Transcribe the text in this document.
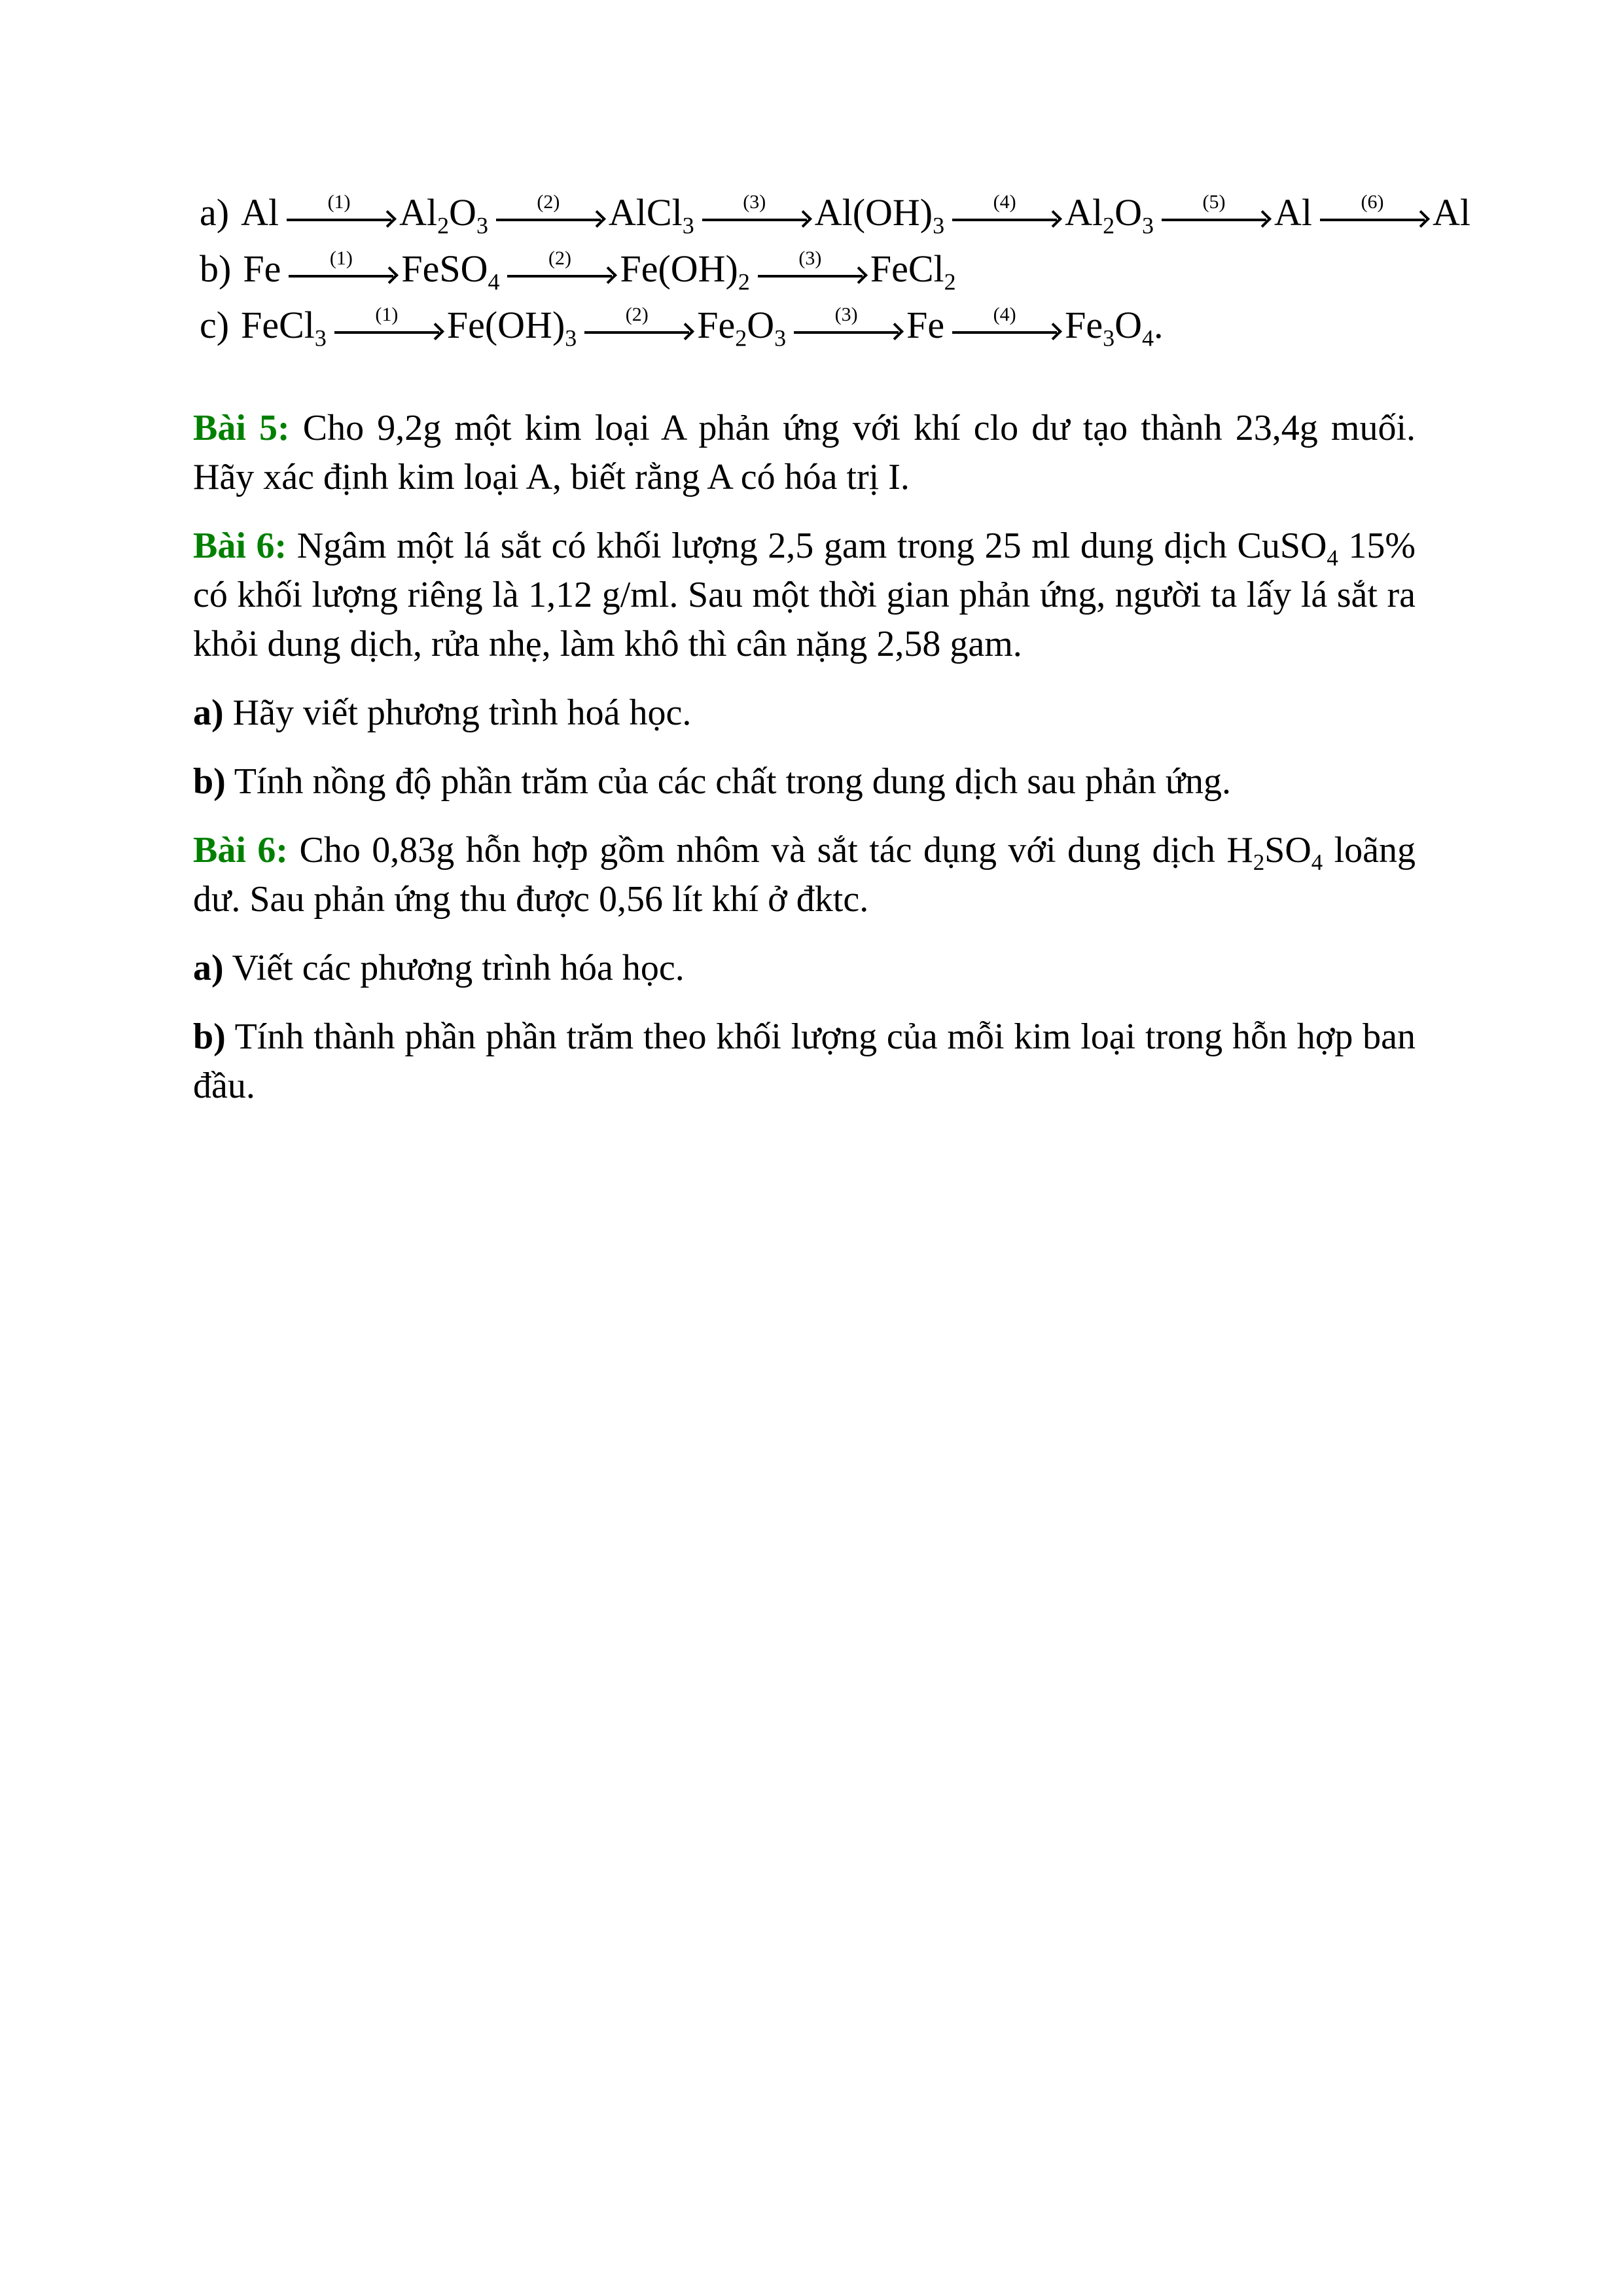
a) Al (1) $Al_2O_3$
(2) AlCl$_3$
(3) $Al(OH)_3$
(4) $Al_2O_3$
(5) Al (6) Al
b) Fe (1) FeSO$_4$
(2) $Fe(OH)_2$
(3) FeCl$_2$
c) FeCl$_3$
(1) $Fe(OH)_3$
(2) $Fe_2O_3$
(3) Fe (4) $Fe_3O_4$.

Bài 5: Cho 9,2g một kim loại A phản ứng với khí clo dư tạo thành 23,4g muối. Hãy xác định kim loại A, biết rằng A có hóa trị I.

Bài 6: Ngâm một lá sắt có khối lượng 2,5 gam trong 25 ml dung dịch CuSO$_4$ 15% có khối lượng riêng là 1,12 g/ml. Sau một thời gian phản ứng, người ta lấy lá sắt ra khỏi dung dịch, rửa nhẹ, làm khô thì cân nặng 2,58 gam.

a) Hãy viết phương trình hoá học.

b) Tính nồng độ phần trăm của các chất trong dung dịch sau phản ứng.

Bài 6: Cho 0,83g hỗn hợp gồm nhôm và sắt tác dụng với dung dịch $H_2SO_4$ loãng dư. Sau phản ứng thu được 0,56 lít khí ở đktc.

a) Viết các phương trình hóa học.

b) Tính thành phần phần trăm theo khối lượng của mỗi kim loại trong hỗn hợp ban đầu.
